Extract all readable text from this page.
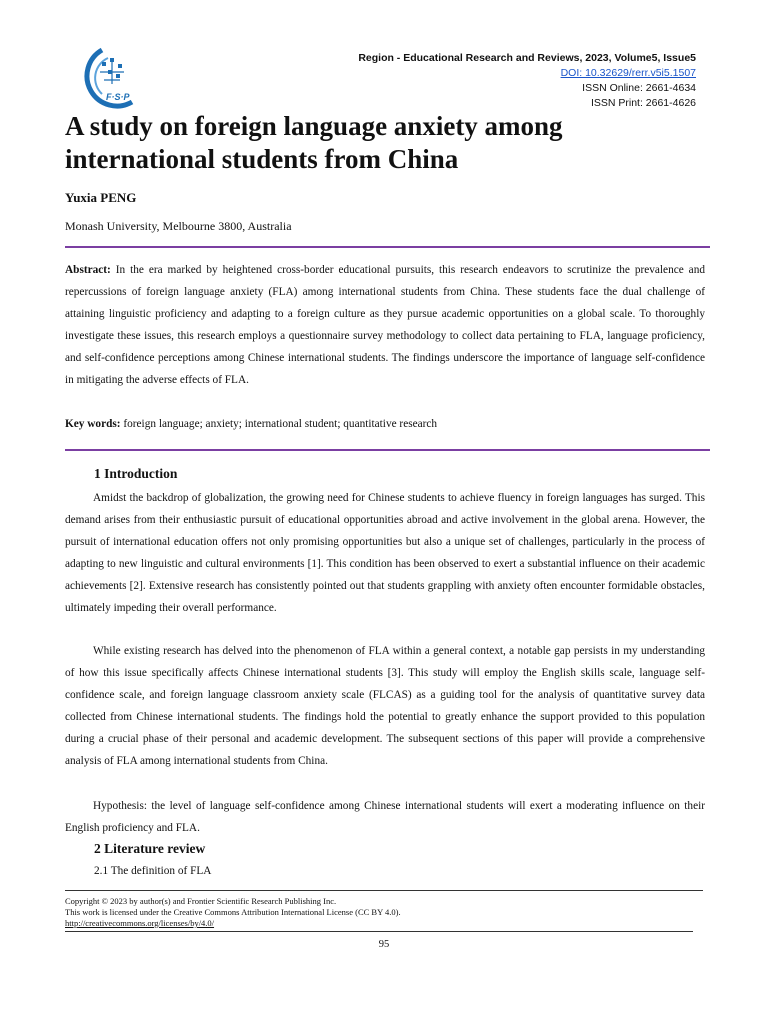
F·S·P
Region - Educational Research and Reviews, 2023, Volume5, Issue5
DOI: 10.32629/rerr.v5i5.1507
ISSN Online: 2661-4634
ISSN Print: 2661-4626
A study on foreign language anxiety among international students from China
Yuxia PENG
Monash University, Melbourne 3800, Australia
Abstract: In the era marked by heightened cross-border educational pursuits, this research endeavors to scrutinize the prevalence and repercussions of foreign language anxiety (FLA) among international students from China. These students face the dual challenge of attaining linguistic proficiency and adapting to a foreign culture as they pursue academic opportunities on a global scale. To thoroughly investigate these issues, this research employs a questionnaire survey methodology to collect data pertaining to FLA, language proficiency, and self-confidence perceptions among Chinese international students. The findings underscore the importance of language self-confidence in mitigating the adverse effects of FLA.
Key words: foreign language; anxiety; international student; quantitative research
1 Introduction
Amidst the backdrop of globalization, the growing need for Chinese students to achieve fluency in foreign languages has surged. This demand arises from their enthusiastic pursuit of educational opportunities abroad and active involvement in the global arena. However, the pursuit of international education offers not only promising opportunities but also a unique set of challenges, particularly in the process of adapting to new linguistic and cultural environments [1]. This condition has been observed to exert a substantial influence on their academic achievements [2]. Extensive research has consistently pointed out that students grappling with anxiety often encounter formidable obstacles, ultimately impeding their overall performance.
While existing research has delved into the phenomenon of FLA within a general context, a notable gap persists in my understanding of how this issue specifically affects Chinese international students [3]. This study will employ the English skills scale, language self-confidence scale, and foreign language classroom anxiety scale (FLCAS) as a guiding tool for the analysis of quantitative survey data collected from Chinese international students. The findings hold the potential to greatly enhance the support provided to this population during a crucial phase of their personal and academic development. The subsequent sections of this paper will provide a comprehensive analysis of FLA among international students from China.
Hypothesis: the level of language self-confidence among Chinese international students will exert a moderating influence on their English proficiency and FLA.
2 Literature review
2.1 The definition of FLA
Copyright © 2023 by author(s) and Frontier Scientific Research Publishing Inc.
This work is licensed under the Creative Commons Attribution International License (CC BY 4.0).
http://creativecommons.org/licenses/by/4.0/
95
